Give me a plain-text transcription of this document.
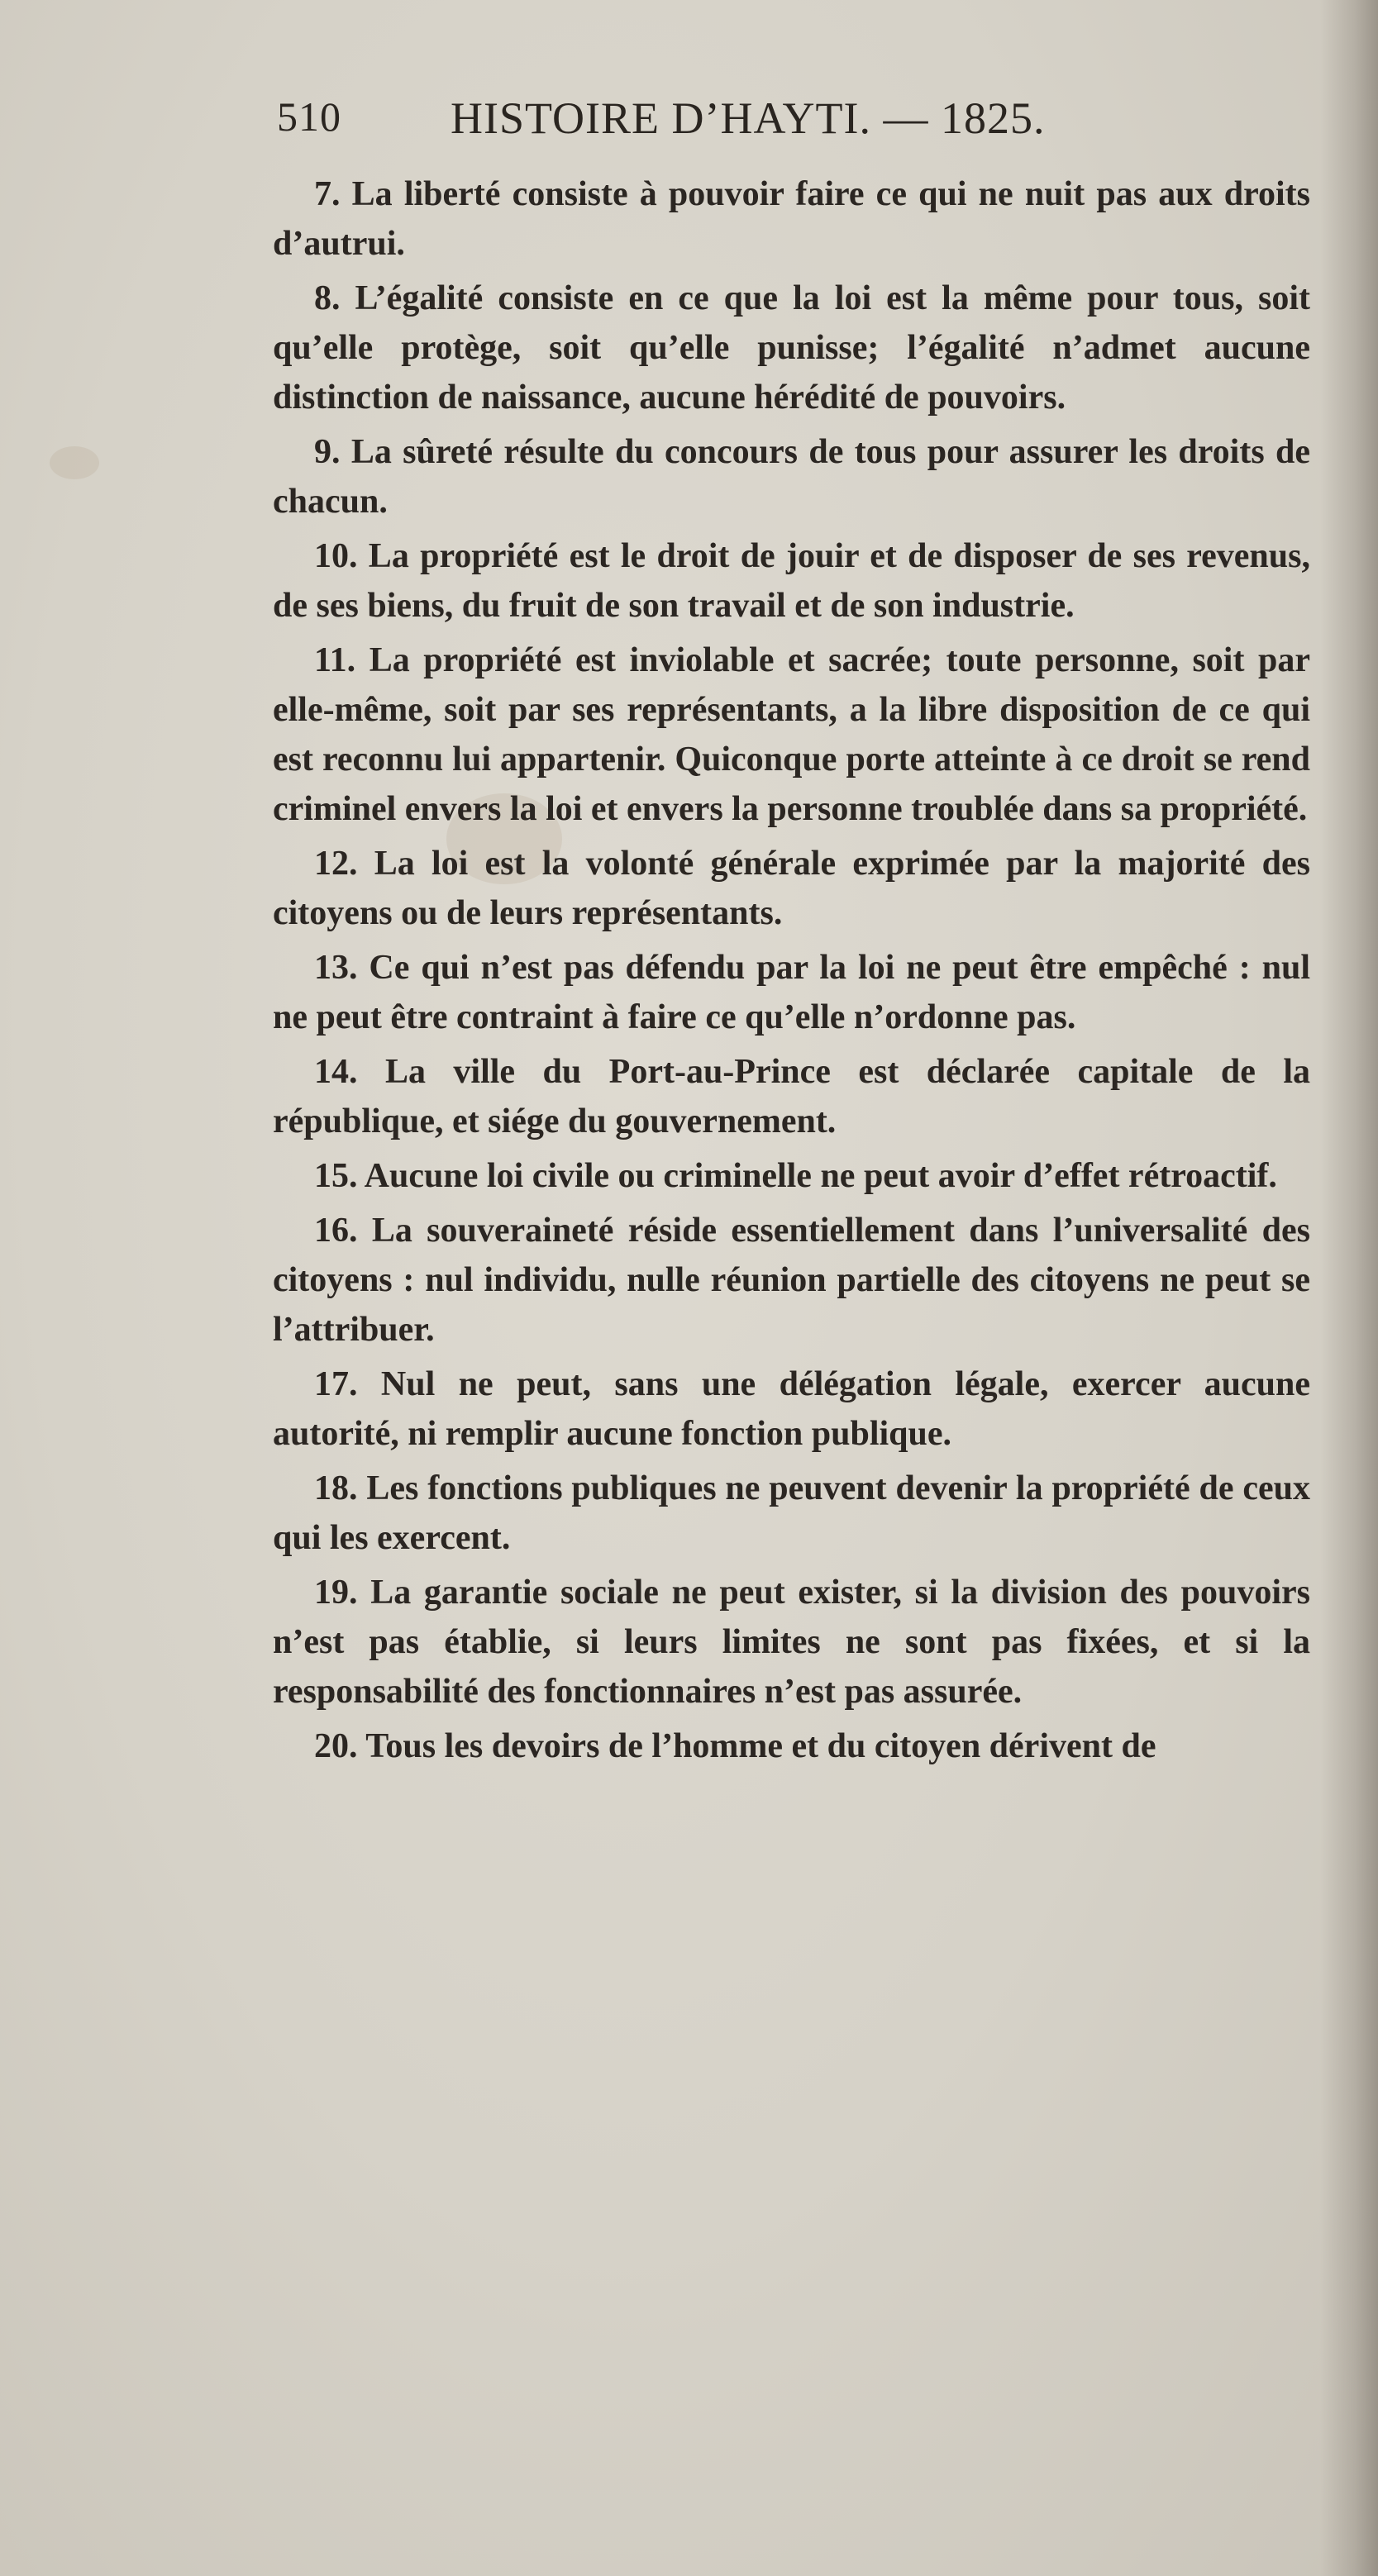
510 HISTOIRE D’HAYTI. — 1825.

7. La liberté consiste à pouvoir faire ce qui ne nuit pas aux droits d’autrui.

8. L’égalité consiste en ce que la loi est la même pour tous, soit qu’elle protège, soit qu’elle punisse; l’égalité n’admet aucune distinction de naissance, aucune hérédité de pouvoirs.

9. La sûreté résulte du concours de tous pour assurer les droits de chacun.

10. La propriété est le droit de jouir et de disposer de ses revenus, de ses biens, du fruit de son travail et de son industrie.

11. La propriété est inviolable et sacrée; toute personne, soit par elle-même, soit par ses représentants, a la libre disposition de ce qui est reconnu lui appartenir. Quiconque porte atteinte à ce droit se rend criminel envers la loi et envers la personne troublée dans sa propriété.

12. La loi est la volonté générale exprimée par la majorité des citoyens ou de leurs représentants.

13. Ce qui n’est pas défendu par la loi ne peut être empêché : nul ne peut être contraint à faire ce qu’elle n’ordonne pas.

14. La ville du Port-au-Prince est déclarée capitale de la république, et siége du gouvernement.

15. Aucune loi civile ou criminelle ne peut avoir d’effet rétroactif.

16. La souveraineté réside essentiellement dans l’universalité des citoyens : nul individu, nulle réunion partielle des citoyens ne peut se l’attribuer.

17. Nul ne peut, sans une délégation légale, exercer aucune autorité, ni remplir aucune fonction publique.

18. Les fonctions publiques ne peuvent devenir la propriété de ceux qui les exercent.

19. La garantie sociale ne peut exister, si la division des pouvoirs n’est pas établie, si leurs limites ne sont pas fixées, et si la responsabilité des fonctionnaires n’est pas assurée.

20. Tous les devoirs de l’homme et du citoyen dérivent de
